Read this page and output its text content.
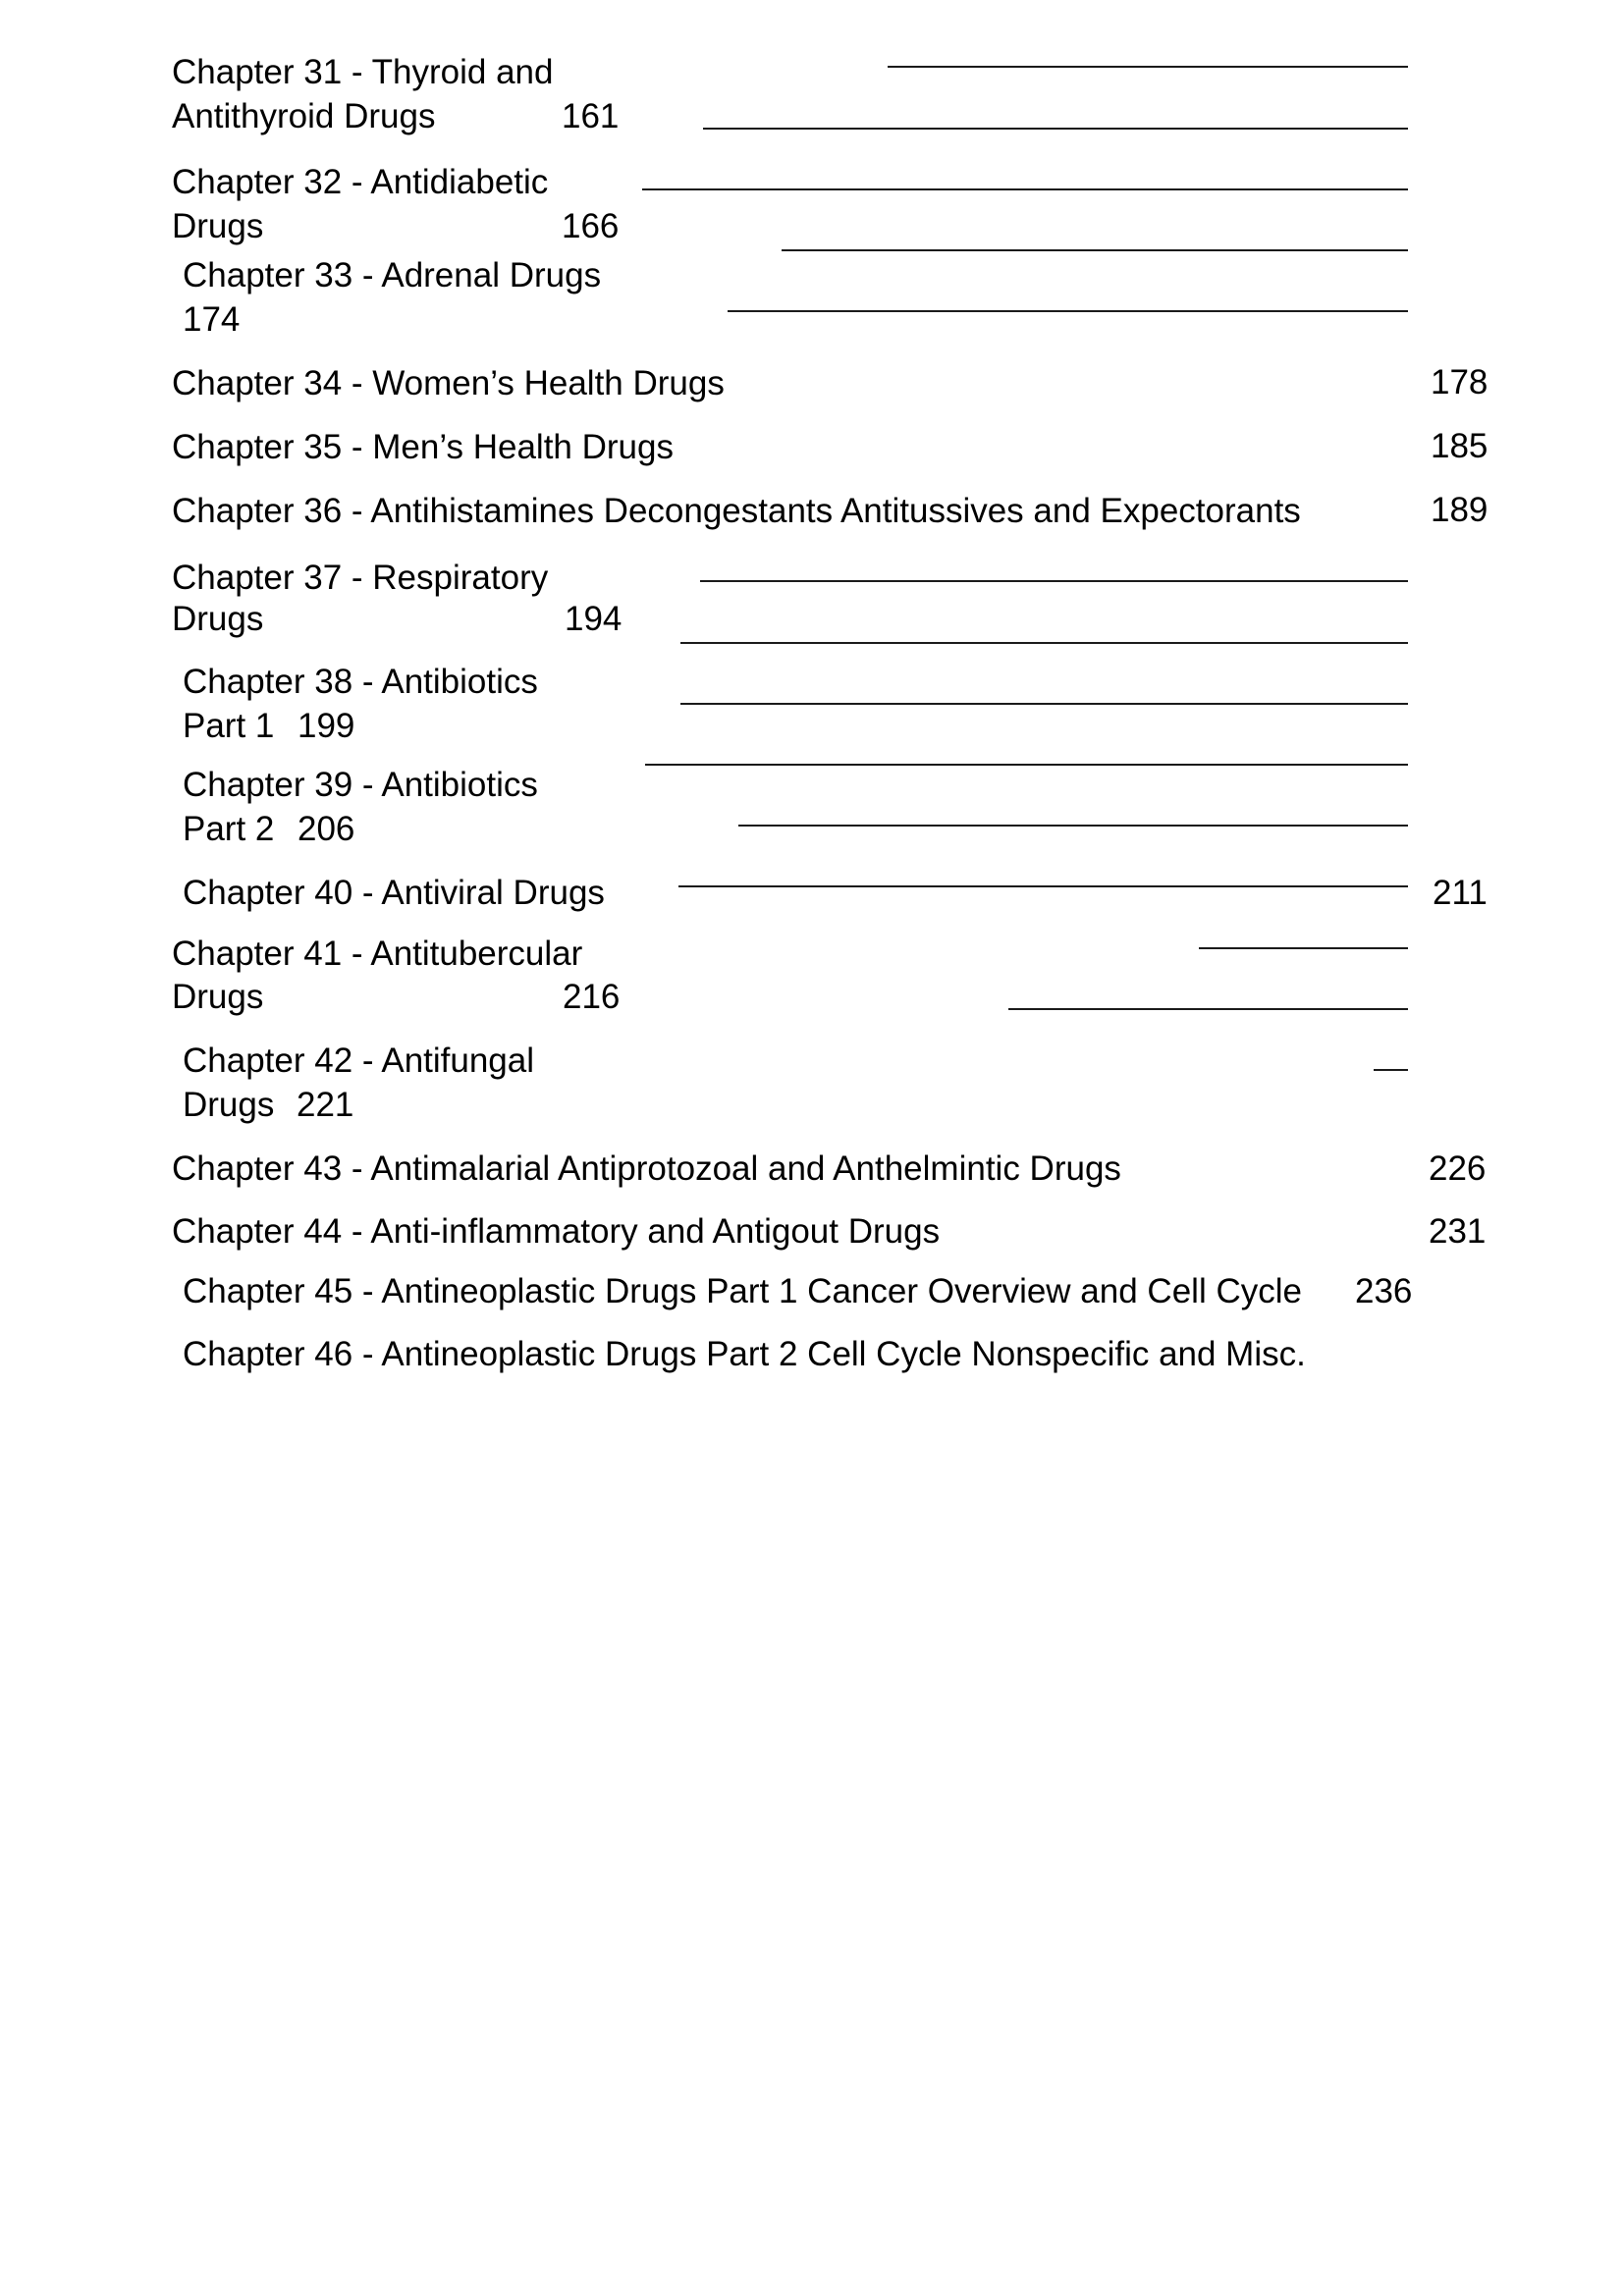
Chapter 31 - Thyroid and
Antithyroid Drugs	161
Chapter 32 - Antidiabetic
Drugs	166
Chapter 33 - Adrenal Drugs
174
Chapter 34 - Women’s Health Drugs	178
Chapter 35 - Men’s Health Drugs	185
Chapter 36 - Antihistamines Decongestants Antitussives and Expectorants	189
Chapter 37 - Respiratory
Drugs	194
Chapter 38 - Antibiotics
Part 1 199
Chapter 39 - Antibiotics
Part 2 206
Chapter 40 - Antiviral Drugs	211
Chapter 41 - Antitubercular
Drugs	216
Chapter 42 - Antifungal
Drugs 221
Chapter 43 - Antimalarial Antiprotozoal and Anthelmintic Drugs	226
Chapter 44 - Anti-inflammatory and Antigout Drugs	231
Chapter 45 - Antineoplastic Drugs Part 1 Cancer Overview and Cell Cycle 236
Chapter 46 - Antineoplastic Drugs Part 2 Cell Cycle Nonspecific and Misc.
